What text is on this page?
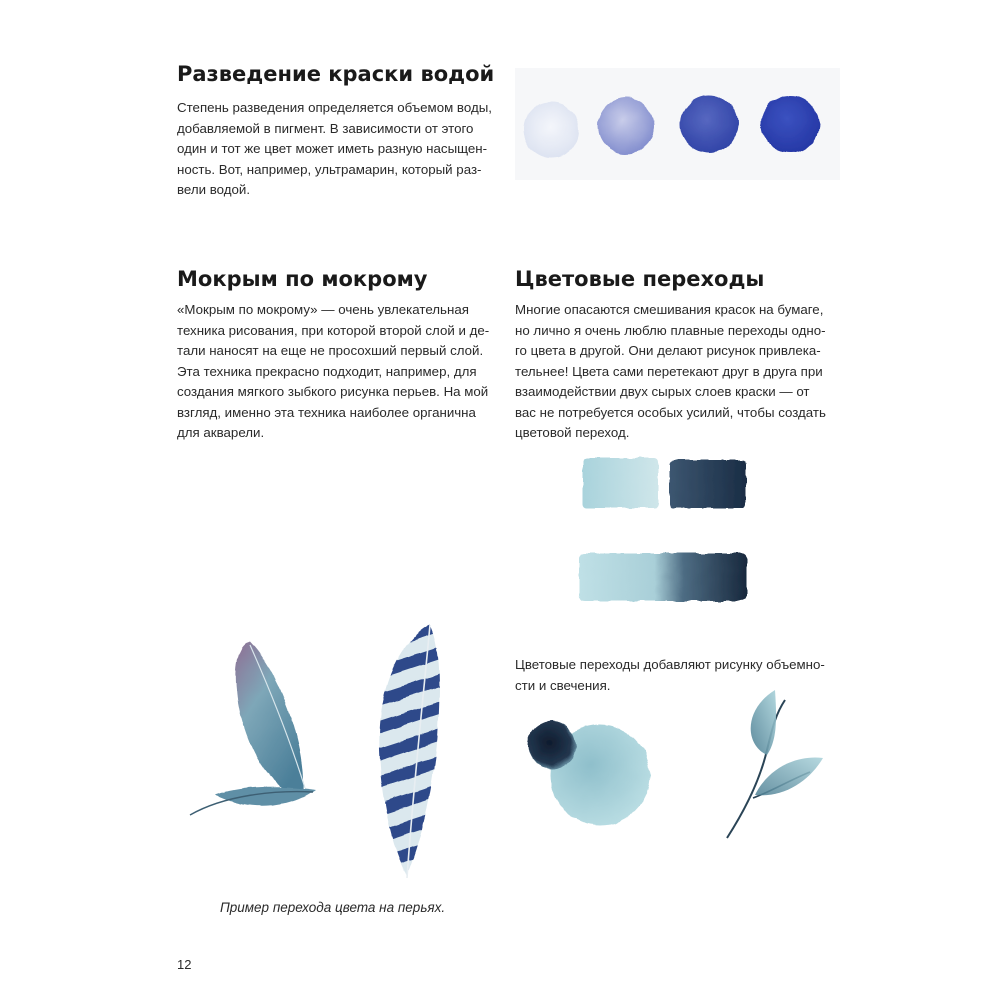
Разведение краски водой

Степень разведения определяется объемом воды,
добавляемой в пигмент. В зависимости от этого
один и тот же цвет может иметь разную насыщен-
ность. Вот, например, ультрамарин, который раз-
вели водой.

Мокрым по мокрому

«Мокрым по мокрому» — очень увлекательная
техника рисования, при которой второй слой и де-
тали наносят на еще не просохший первый слой.
Эта техника прекрасно подходит, например, для
создания мягкого зыбкого рисунка перьев. На мой
взгляд, именно эта техника наиболее органична
для акварели.

Цветовые переходы

Многие опасаются смешивания красок на бумаге,
но лично я очень люблю плавные переходы одно-
го цвета в другой. Они делают рисунок привлека-
тельнее! Цвета сами перетекают друг в друга при
взаимодействии двух сырых слоев краски — от
вас не потребуется особых усилий, чтобы создать
цветовой переход.

Цветовые переходы добавляют рисунку объемно-
сти и свечения.

Пример перехода цвета на перьях.

12
